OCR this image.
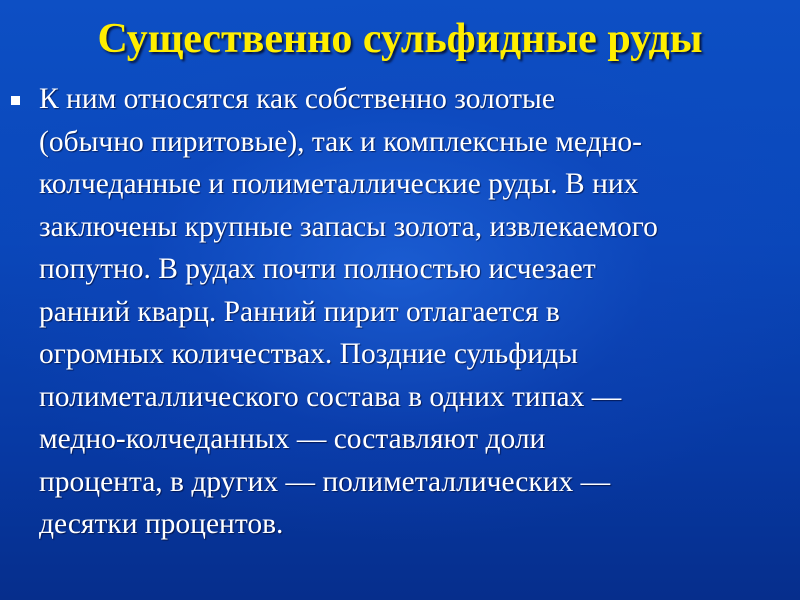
Существенно сульфидные руды

К ним относятся как собственно золотые
(обычно пиритовые), так и комплексные медно-
колчеданные и полиметаллические руды. В них
заключены крупные запасы золота, извлекаемого
попутно. В рудах почти полностью исчезает
ранний кварц. Ранний пирит отлагается в
огромных количествах. Поздние сульфиды
полиметаллического состава в одних типах —
медно-колчеданных — составляют доли
процента, в других — полиметаллических —
десятки процентов.
